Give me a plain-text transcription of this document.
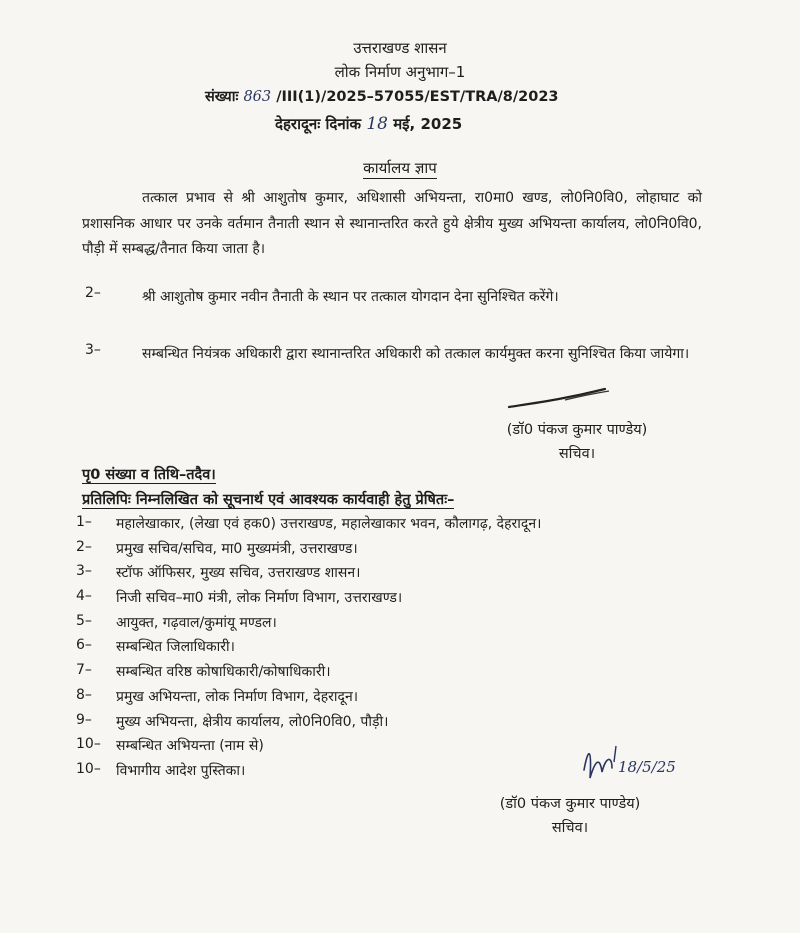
उत्तराखण्ड शासन
लोक निर्माण अनुभाग–1
संख्याः 863 /III(1)/2025–57055/EST/TRA/8/2023
देहरादूनः दिनांक 18 मई, 2025
कार्यालय ज्ञाप
तत्काल प्रभाव से श्री आशुतोष कुमार, अधिशासी अभियन्ता, रा0मा0 खण्ड, लो0नि0वि0, लोहाघाट को प्रशासनिक आधार पर उनके वर्तमान तैनाती स्थान से स्थानान्तरित करते हुये क्षेत्रीय मुख्य अभियन्ता कार्यालय, लो0नि0वि0, पौड़ी में सम्बद्ध/तैनात किया जाता है।
2–	श्री आशुतोष कुमार नवीन तैनाती के स्थान पर तत्काल योगदान देना सुनिश्चित करेंगे।
3–	सम्बन्धित नियंत्रक अधिकारी द्वारा स्थानान्तरित अधिकारी को तत्काल कार्यमुक्त करना सुनिश्चित किया जायेगा।
(डॉ0 पंकज कुमार पाण्डेय)
सचिव।
पृ0 संख्या व तिथि–तदैव।
प्रतिलिपिः निम्नलिखित को सूचनार्थ एवं आवश्यक कार्यवाही हेतु प्रेषितः–
1–	महालेखाकार, (लेखा एवं हक0) उत्तराखण्ड, महालेखाकार भवन, कौलागढ़, देहरादून।
2–	प्रमुख सचिव/सचिव, मा0 मुख्यमंत्री, उत्तराखण्ड।
3–	स्टॉफ ऑफिसर, मुख्य सचिव, उत्तराखण्ड शासन।
4–	निजी सचिव–मा0 मंत्री, लोक निर्माण विभाग, उत्तराखण्ड।
5–	आयुक्त, गढ़वाल/कुमांयू मण्डल।
6–	सम्बन्धित जिलाधिकारी।
7–	सम्बन्धित वरिष्ठ कोषाधिकारी/कोषाधिकारी।
8–	प्रमुख अभियन्ता, लोक निर्माण विभाग, देहरादून।
9–	मुख्य अभियन्ता, क्षेत्रीय कार्यालय, लो0नि0वि0, पौड़ी।
10–	सम्बन्धित अभियन्ता (नाम से)
10–	विभागीय आदेश पुस्तिका।	18/5/25
(डॉ0 पंकज कुमार पाण्डेय)
सचिव।
